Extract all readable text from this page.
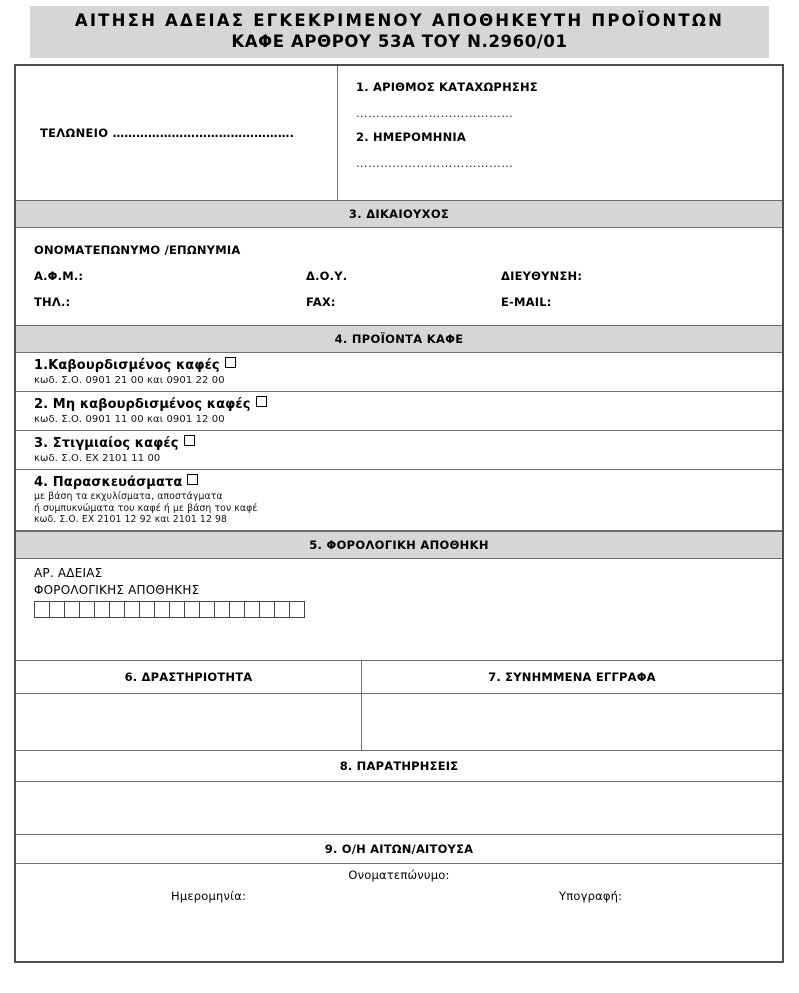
ΑΙΤΗΣΗ ΑΔΕΙΑΣ ΕΓΚΕΚΡΙΜΕΝΟΥ ΑΠΟΘΗΚΕΥΤΗ ΠΡΟΪΟΝΤΩΝ
ΚΑΦΕ ΑΡΘΡΟΥ 53Α ΤΟΥ Ν.2960/01
ΤΕΛΩΝΕΙΟ ……………………………………….
1. ΑΡΙΘΜΟΣ ΚΑΤΑΧΩΡΗΣΗΣ
…………………………………
2. ΗΜΕΡΟΜΗΝΙΑ
…………………………………
3. ΔΙΚΑΙΟΥΧΟΣ
ΟΝΟΜΑΤΕΠΩΝΥΜΟ /ΕΠΩΝΥΜΙΑ
Α.Φ.Μ.:	Δ.Ο.Υ.	ΔΙΕΥΘΥΝΣΗ:
ΤΗΛ.:	FAX:	E-MAIL:
4. ΠΡΟΪΟΝΤΑ ΚΑΦΕ
1.Καβουρδισμένος καφές
κωδ. Σ.Ο. 0901 21 00 και 0901 22 00
2. Μη καβουρδισμένος καφές
κωδ. Σ.Ο. 0901 11 00 και 0901 12 00
3. Στιγμιαίος καφές
κωδ. Σ.Ο. ΕΧ 2101 11 00
4. Παρασκευάσματα
με βάση τα εκχυλίσματα, αποστάγματα
ή συμπυκνώματα του καφέ ή με βάση τον καφέ
κωδ. Σ.Ο. ΕΧ 2101 12 92 και 2101 12 98
5. ΦΟΡΟΛΟΓΙΚΗ ΑΠΟΘΗΚΗ
ΑΡ. ΑΔΕΙΑΣ
ΦΟΡΟΛΟΓΙΚΗΣ ΑΠΟΘΗΚΗΣ
6. ΔΡΑΣΤΗΡΙΟΤΗΤΑ	7. ΣΥΝΗΜΜΕΝΑ ΕΓΓΡΑΦΑ
8. ΠΑΡΑΤΗΡΗΣΕΙΣ
9. Ο/Η ΑΙΤΩΝ/ΑΙΤΟΥΣΑ
Ονοματεπώνυμο:
Ημερομηνία:	Υπογραφή:
